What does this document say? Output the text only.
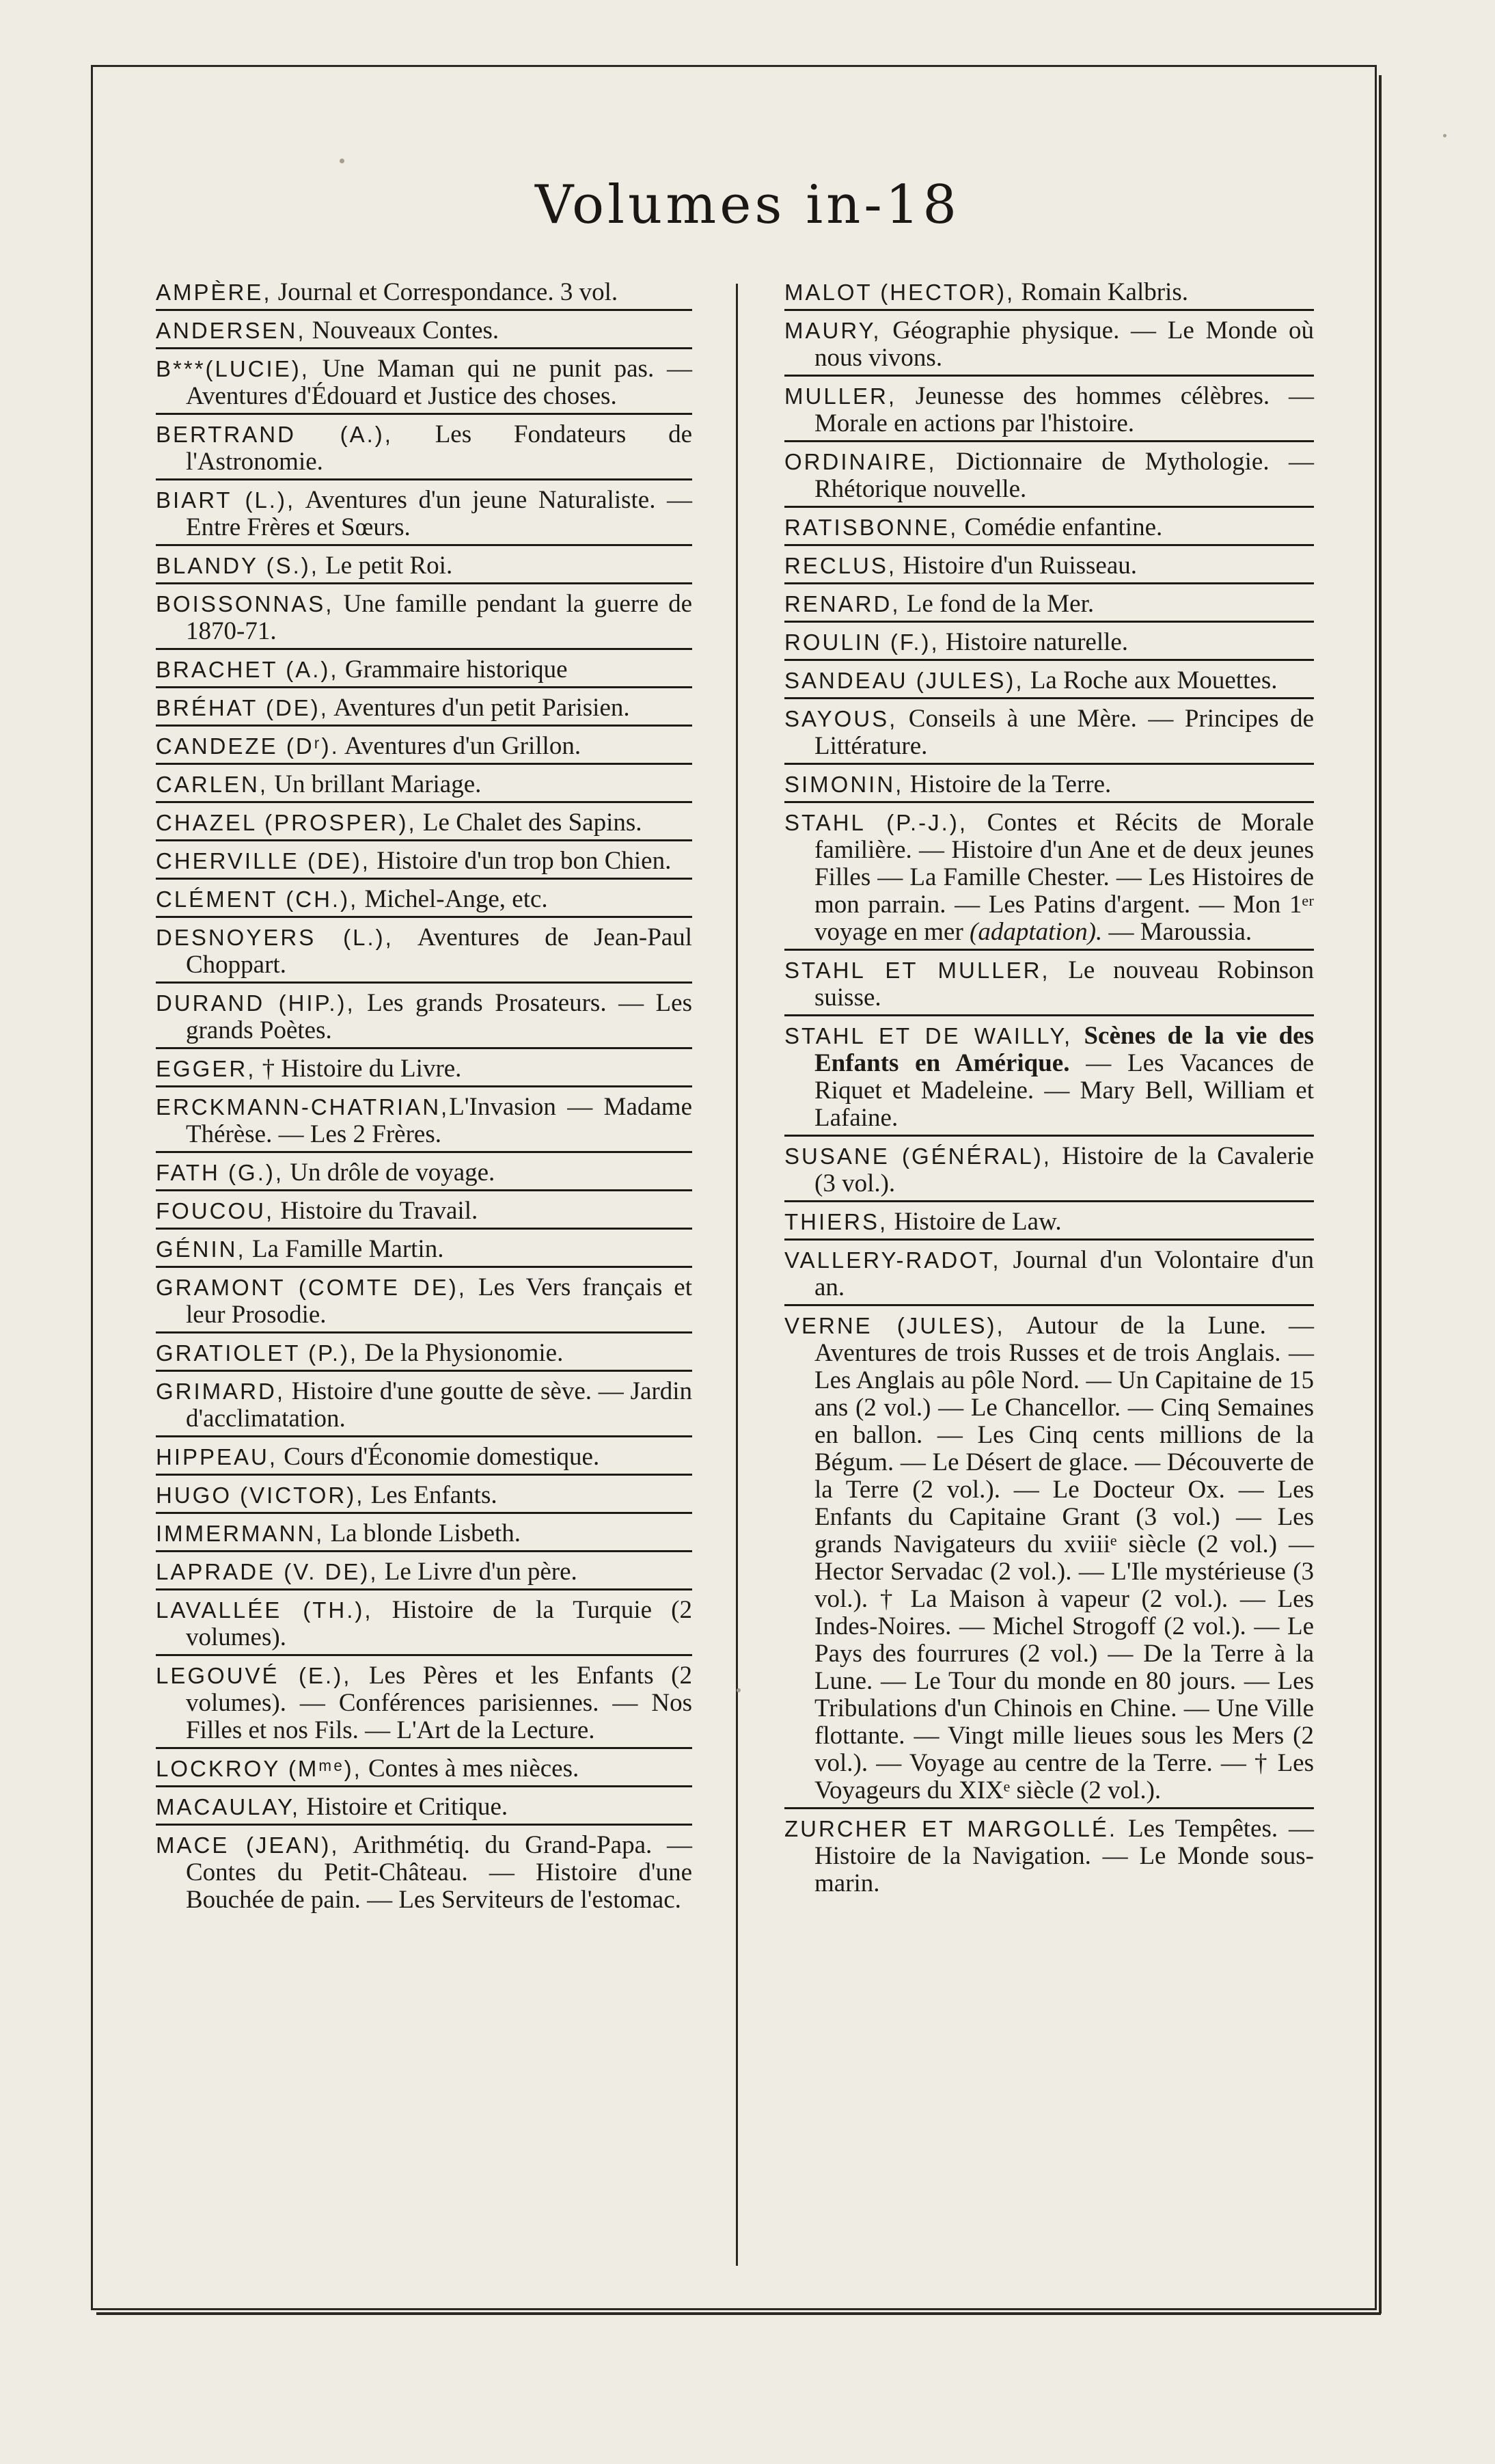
Volumes in-18
AMPÈRE, Journal et Correspondance. 3 vol.
ANDERSEN, Nouveaux Contes.
B***(LUCIE), Une Maman qui ne punit pas. — Aventures d'Édouard et Justice des choses.
BERTRAND (A.), Les Fondateurs de l'Astronomie.
BIART (L.), Aventures d'un jeune Naturaliste. — Entre Frères et Sœurs.
BLANDY (S.), Le petit Roi.
BOISSONNAS, Une famille pendant la guerre de 1870-71.
BRACHET (A.), Grammaire historique
BRÉHAT (DE), Aventures d'un petit Parisien.
CANDEZE (Dʳ). Aventures d'un Grillon.
CARLEN, Un brillant Mariage.
CHAZEL (PROSPER), Le Chalet des Sapins.
CHERVILLE (DE), Histoire d'un trop bon Chien.
CLÉMENT (CH.), Michel-Ange, etc.
DESNOYERS (L.), Aventures de Jean-Paul Choppart.
DURAND (HIP.), Les grands Prosateurs. — Les grands Poètes.
EGGER, † Histoire du Livre.
ERCKMANN-CHATRIAN,L'Invasion — Madame Thérèse. — Les 2 Frères.
FATH (G.), Un drôle de voyage.
FOUCOU, Histoire du Travail.
GÉNIN, La Famille Martin.
GRAMONT (COMTE DE), Les Vers français et leur Prosodie.
GRATIOLET (P.), De la Physionomie.
GRIMARD, Histoire d'une goutte de sève. — Jardin d'acclimatation.
HIPPEAU, Cours d'Économie domestique.
HUGO (VICTOR), Les Enfants.
IMMERMANN, La blonde Lisbeth.
LAPRADE (V. DE), Le Livre d'un père.
LAVALLÉE (TH.), Histoire de la Turquie (2 volumes).
LEGOUVÉ (E.), Les Pères et les Enfants (2 volumes). — Conférences parisiennes. — Nos Filles et nos Fils. — L'Art de la Lecture.
LOCKROY (Mᵐᵉ), Contes à mes nièces.
MACAULAY, Histoire et Critique.
MACE (JEAN), Arithmétiq. du Grand-Papa. — Contes du Petit-Château. — Histoire d'une Bouchée de pain. — Les Serviteurs de l'estomac.
MALOT (HECTOR), Romain Kalbris.
MAURY, Géographie physique. — Le Monde où nous vivons.
MULLER, Jeunesse des hommes célèbres. — Morale en actions par l'histoire.
ORDINAIRE, Dictionnaire de Mythologie. — Rhétorique nouvelle.
RATISBONNE, Comédie enfantine.
RECLUS, Histoire d'un Ruisseau.
RENARD, Le fond de la Mer.
ROULIN (F.), Histoire naturelle.
SANDEAU (JULES), La Roche aux Mouettes.
SAYOUS, Conseils à une Mère. — Principes de Littérature.
SIMONIN, Histoire de la Terre.
STAHL (P.-J.), Contes et Récits de Morale familière. — Histoire d'un Ane et de deux jeunes Filles — La Famille Chester. — Les Histoires de mon parrain. — Les Patins d'argent. — Mon 1ᵉʳ voyage en mer (adaptation). — Maroussia.
STAHL ET MULLER, Le nouveau Robinson suisse.
STAHL ET DE WAILLY, Scènes de la vie des Enfants en Amérique. — Les Vacances de Riquet et Madeleine. — Mary Bell, William et Lafaine.
SUSANE (GÉNÉRAL), Histoire de la Cavalerie (3 vol.).
THIERS, Histoire de Law.
VALLERY-RADOT, Journal d'un Volontaire d'un an.
VERNE (JULES), Autour de la Lune. — Aventures de trois Russes et de trois Anglais. — Les Anglais au pôle Nord. — Un Capitaine de 15 ans (2 vol.) — Le Chancellor. — Cinq Semaines en ballon. — Les Cinq cents millions de la Bégum. — Le Désert de glace. — Découverte de la Terre (2 vol.). — Le Docteur Ox. — Les Enfants du Capitaine Grant (3 vol.) — Les grands Navigateurs du xviiiᵉ siècle (2 vol.) — Hector Servadac (2 vol.). — L'Ile mystérieuse (3 vol.). † La Maison à vapeur (2 vol.). — Les Indes-Noires. — Michel Strogoff (2 vol.). — Le Pays des fourrures (2 vol.) — De la Terre à la Lune. — Le Tour du monde en 80 jours. — Les Tribulations d'un Chinois en Chine. — Une Ville flottante. — Vingt mille lieues sous les Mers (2 vol.). — Voyage au centre de la Terre. — † Les Voyageurs du XIXᵉ siècle (2 vol.).
ZURCHER ET MARGOLLÉ. Les Tempêtes. — Histoire de la Navigation. — Le Monde sous-marin.
